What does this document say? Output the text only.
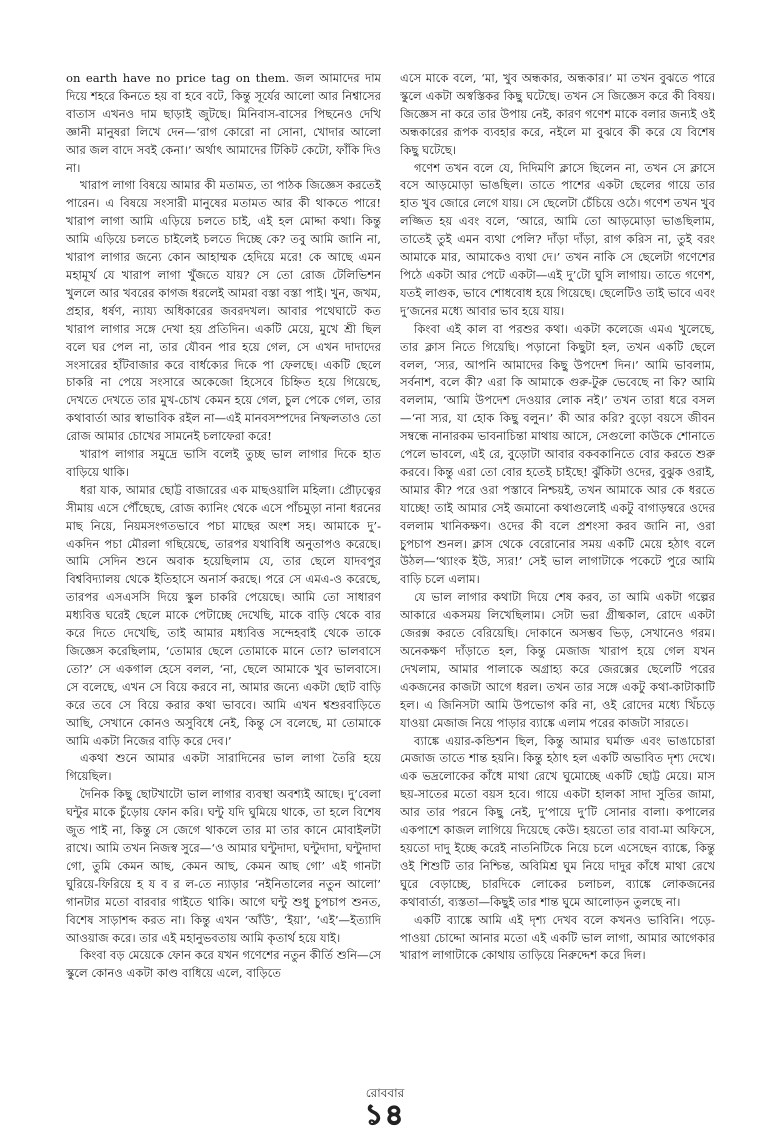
on earth have no price tag on them. জল আমাদের দাম দিয়ে শহরে কিনতে হয় বা হবে বটে, কিন্তু সূর্যের আলো আর নিশ্বাসের বাতাস এখনও দাম ছাড়াই জুটছে। মিনিবাস-বাসের পিছনেও দেখি জ্ঞানী মানুষরা লিখে দেন—‘রাগ কোরো না সোনা, খোদার আলো আর জল বাদে সবই কেনা।’ অর্থাৎ আমাদের টিকিট কেটো, ফাঁকি দিও না।

খারাপ লাগা বিষয়ে আমার কী মতামত, তা পাঠক জিজ্ঞেস করতেই পারেন। এ বিষয়ে সংসারী মানুষের মতামত আর কী থাকতে পারে! খারাপ লাগা আমি এড়িয়ে চলতে চাই, এই হল মোদ্দা কথা। কিন্তু আমি এড়িয়ে চলতে চাইলেই চলতে দিচ্ছে কে? তবু আমি জানি না, খারাপ লাগার জন্যে কোন আহাম্মক হেদিয়ে মরে! কে আছে এমন মহামূর্খ যে খারাপ লাগা খুঁজতে যায়? সে তো রোজ টেলিভিশন খুললে আর খবরের কাগজ ধরলেই আমরা বস্তা বস্তা পাই। খুন, জখম, প্রহার, ধর্ষণ, ন্যায্য অধিকারের জবরদখল। আবার পথেঘাটে কত খারাপ লাগার সঙ্গে দেখা হয় প্রতিদিন। একটি মেয়ে, মুখে শ্রী ছিল বলে ঘর পেল না, তার যৌবন পার হয়ে গেল, সে এখন দাদাদের সংসারের হাঁটবাজার করে বার্ধক্যের দিকে পা ফেলছে। একটি ছেলে চাকরি না পেয়ে সংসারে অকেজো হিসেবে চিহ্নিত হয়ে গিয়েছে, দেখতে দেখতে তার মুখ-চোখ কেমন হয়ে গেল, চুল পেকে গেল, তার কথাবার্তা আর স্বাভাবিক রইল না—এই মানবসম্পদের নিষ্ফলতাও তো রোজ আমার চোখের সামনেই চলাফেরা করে!

খারাপ লাগার সমুদ্রে ভাসি বলেই তুচ্ছ ভাল লাগার দিকে হাত বাড়িয়ে থাকি।

ধরা যাক, আমার ছোট্ট বাজারের এক মাছওয়ালি মহিলা। প্রৌঢ়ত্বের সীমায় এসে পৌঁছেছে, রোজ ক্যানিং থেকে এসে পাঁচমুড়া নানা ধরনের মাছ নিয়ে, নিয়মসংগতভাবে পচা মাছের অংশ সহ। আমাকে দু’-একদিন পচা মৌরলা গছিয়েছে, তারপর যথাবিধি অনুতাপও করেছে। আমি সেদিন শুনে অবাক হয়েছিলাম যে, তার ছেলে যাদবপুর বিশ্ববিদ্যালয় থেকে ইতিহাসে অনার্স করছে। পরে সে এমএ-ও করেছে, তারপর এসএসসি দিয়ে স্কুল চাকরি পেয়েছে। আমি তো সাধারণ মধ্যবিত্ত ঘরেই ছেলে মাকে পেটাচ্ছে দেখেছি, মাকে বাড়ি থেকে বার করে দিতে দেখেছি, তাই আমার মধ্যবিত্ত সন্দেহবাই থেকে তাকে জিজ্ঞেস করেছিলাম, ‘তোমার ছেলে তোমাকে মানে তো? ভালবাসে তো?’ সে একগাল হেসে বলল, ‘না, ছেলে আমাকে খুব ভালবাসে। সে বলেছে, এখন সে বিয়ে করবে না, আমার জন্যে একটা ছোট বাড়ি করে তবে সে বিয়ে করার কথা ভাববে। আমি এখন শ্বশুরবাড়িতে আছি, সেখানে কোনও অসুবিধে নেই, কিন্তু সে বলেছে, মা তোমাকে আমি একটা নিজের বাড়ি করে দেব।’

একথা শুনে আমার একটা সারাদিনের ভাল লাগা তৈরি হয়ে গিয়েছিল।

দৈনিক কিছু ছোটখাটো ভাল লাগার ব্যবস্থা অবশ্যই আছে। দু’বেলা ঘন্টুর মাকে চুঁড়োয় ফোন করি। ঘন্টু যদি ঘুমিয়ে থাকে, তা হলে বিশেষ জুত পাই না, কিন্তু সে জেগে থাকলে তার মা তার কানে মোবাইলটা রাখে। আমি তখন নিজস্ব সুরে—‘ও আমার ঘন্টুদাদা, ঘন্টুদাদা, ঘন্টুদাদা গো, তুমি কেমন আছ, কেমন আছ, কেমন আছ গো’ এই গানটা ঘুরিয়ে-ফিরিয়ে হ য ব র ল-তে ন্যাড়ার ‘নইনিতালের নতুন আলো’ গানটার মতো বারবার গাইতে থাকি। আগে ঘন্টু শুধু চুপচাপ শুনত, বিশেষ সাড়াশব্দ করত না। কিন্তু এখন ‘আঁউ’, ‘ইয়া’, ‘এই’—ইত্যাদি আওয়াজ করে। তার এই মহানুভবতায় আমি কৃতার্থ হয়ে যাই।

কিংবা বড় মেয়েকে ফোন করে যখন গণেশের নতুন কীর্তি শুনি—সে স্কুলে কোনও একটা কাণ্ড বাধিয়ে এলে, বাড়িতে

এসে মাকে বলে, ‘মা, খুব অন্ধকার, অন্ধকার।’ মা তখন বুঝতে পারে স্কুলে একটা অস্বস্তিকর কিছু ঘটেছে। তখন সে জিজ্ঞেস করে কী বিষয়। জিজ্ঞেস না করে তার উপায় নেই, কারণ গণেশ মাকে বলার জন্যই ওই অন্ধকারের রূপক ব্যবহার করে, নইলে মা বুঝবে কী করে যে বিশেষ কিছু ঘটেছে।

গণেশ তখন বলে যে, দিদিমণি ক্লাসে ছিলেন না, তখন সে ক্লাসে বসে আড়মোড়া ভাঙছিল। তাতে পাশের একটা ছেলের গায়ে তার হাত খুব জোরে লেগে যায়। সে ছেলেটা চেঁচিয়ে ওঠে। গণেশ তখন খুব লজ্জিত হয় এবং বলে, ‘আরে, আমি তো আড়মোড়া ভাঙছিলাম, তাতেই তুই এমন ব্যথা পেলি? দাঁড়া দাঁড়া, রাগ করিস না, তুই বরং আমাকে মার, আমাকেও ব্যথা দে।’ তখন নাকি সে ছেলেটা গণেশের পিঠে একটা আর পেটে একটা—এই দু’টো ঘুসি লাগায়। তাতে গণেশ, যতই লাগুক, ভাবে শোধবোধ হয়ে গিয়েছে। ছেলেটিও তাই ভাবে এবং দু’জনের মধ্যে আবার ভাব হয়ে যায়।

কিংবা এই কাল বা পরশুর কথা। একটা কলেজে এমএ খুলেছে, তার ক্লাস নিতে গিয়েছি। পড়ানো কিছুটা হল, তখন একটি ছেলে বলল, ‘স্যর, আপনি আমাদের কিছু উপদেশ দিন।’ আমি ভাবলাম, সর্বনাশ, বলে কী? এরা কি আমাকে গুরু-টুরু ভেবেছে না কি? আমি বললাম, ‘আমি উপদেশ দেওয়ার লোক নই।’ তখন তারা ধরে বসল—‘না স্যর, যা হোক কিছু বলুন।’ কী আর করি? বুড়ো বয়সে জীবন সম্বন্ধে নানারকম ভাবনাচিন্তা মাথায় আসে, সেগুলো কাউকে শোনাতে পেলে ভাবলে, এই রে, বুড়োটা আবার বকবকানিতে বোর করতে শুরু করবে। কিন্তু এরা তো বোর হতেই চাইছে! ঝুঁকিটা ওদের, বুঝুক ওরাই, আমার কী? পরে ওরা পস্তাবে নিশ্চয়ই, তখন আমাকে আর কে ধরতে যাচ্ছে! তাই আমার সেই জমানো কথাগুলোই একটু বাগাড়ম্বরে ওদের বললাম খানিকক্ষণ। ওদের কী বলে প্রশংসা করব জানি না, ওরা চুপচাপ শুনল। ক্লাস থেকে বেরোনোর সময় একটি মেয়ে হঠাৎ বলে উঠল—‘থ্যাংক ইউ, স্যর!’ সেই ভাল লাগাটাকে পকেটে পুরে আমি বাড়ি চলে এলাম।

যে ভাল লাগার কথাটা দিয়ে শেষ করব, তা আমি একটা গল্পের আকারে একসময় লিখেছিলাম। সেটা ভরা গ্রীষ্মকাল, রোদে একটা জেরক্স করতে বেরিয়েছি। দোকানে অসম্ভব ভিড়, সেখানেও গরম। অনেকক্ষণ দাঁড়াতে হল, কিন্তু মেজাজ খারাপ হয়ে গেল যখন দেখলাম, আমার পালাকে অগ্রাহ্য করে জেরক্সের ছেলেটি পরের একজনের কাজটা আগে ধরল। তখন তার সঙ্গে একটু কথা-কাটাকাটি হল। এ জিনিসটা আমি উপভোগ করি না, ওই রোদের মধ্যে খিঁচড়ে যাওয়া মেজাজ নিয়ে পাড়ার ব্যাঙ্কে এলাম পরের কাজটা সারতে।

ব্যাঙ্কে এয়ার-কন্ডিশন ছিল, কিন্তু আমার ঘর্মাক্ত এবং ভাঙাচোরা মেজাজ তাতে শান্ত হয়নি। কিন্তু হঠাৎ হল একটি অভাবিত দৃশ্য দেখে। এক ভদ্রলোকের কাঁধে মাথা রেখে ঘুমোচ্ছে একটি ছোট্ট মেয়ে। মাস ছয়-সাতের মতো বয়স হবে। গায়ে একটা হালকা সাদা সুতির জামা, আর তার পরনে কিছু নেই, দু’পায়ে দু’টি সোনার বালা। কপালের একপাশে কাজল লাগিয়ে দিয়েছে কেউ। হয়তো তার বাবা-মা অফিসে, হয়তো দাদু ইচ্ছে করেই নাতনিটিকে নিয়ে চলে এসেছেন ব্যাঙ্কে, কিন্তু ওই শিশুটি তার নিশ্চিন্ত, অবিমিশ্র ঘুম নিয়ে দাদুর কাঁধে মাথা রেখে ঘুরে বেড়াচ্ছে, চারদিকে লোকের চলাচল, ব্যাঙ্কে লোকজনের কথাবার্তা, ব্যস্ততা—কিছুই তার শান্ত ঘুমে আলোড়ন তুলছে না।

একটি ব্যাঙ্কে আমি এই দৃশ্য দেখব বলে কখনও ভাবিনি। পড়ে-পাওয়া চোদ্দো আনার মতো এই একটি ভাল লাগা, আমার আগেকার খারাপ লাগাটাকে কোথায় তাড়িয়ে নিরুদ্দেশ করে দিল।

রোববার
১৪
